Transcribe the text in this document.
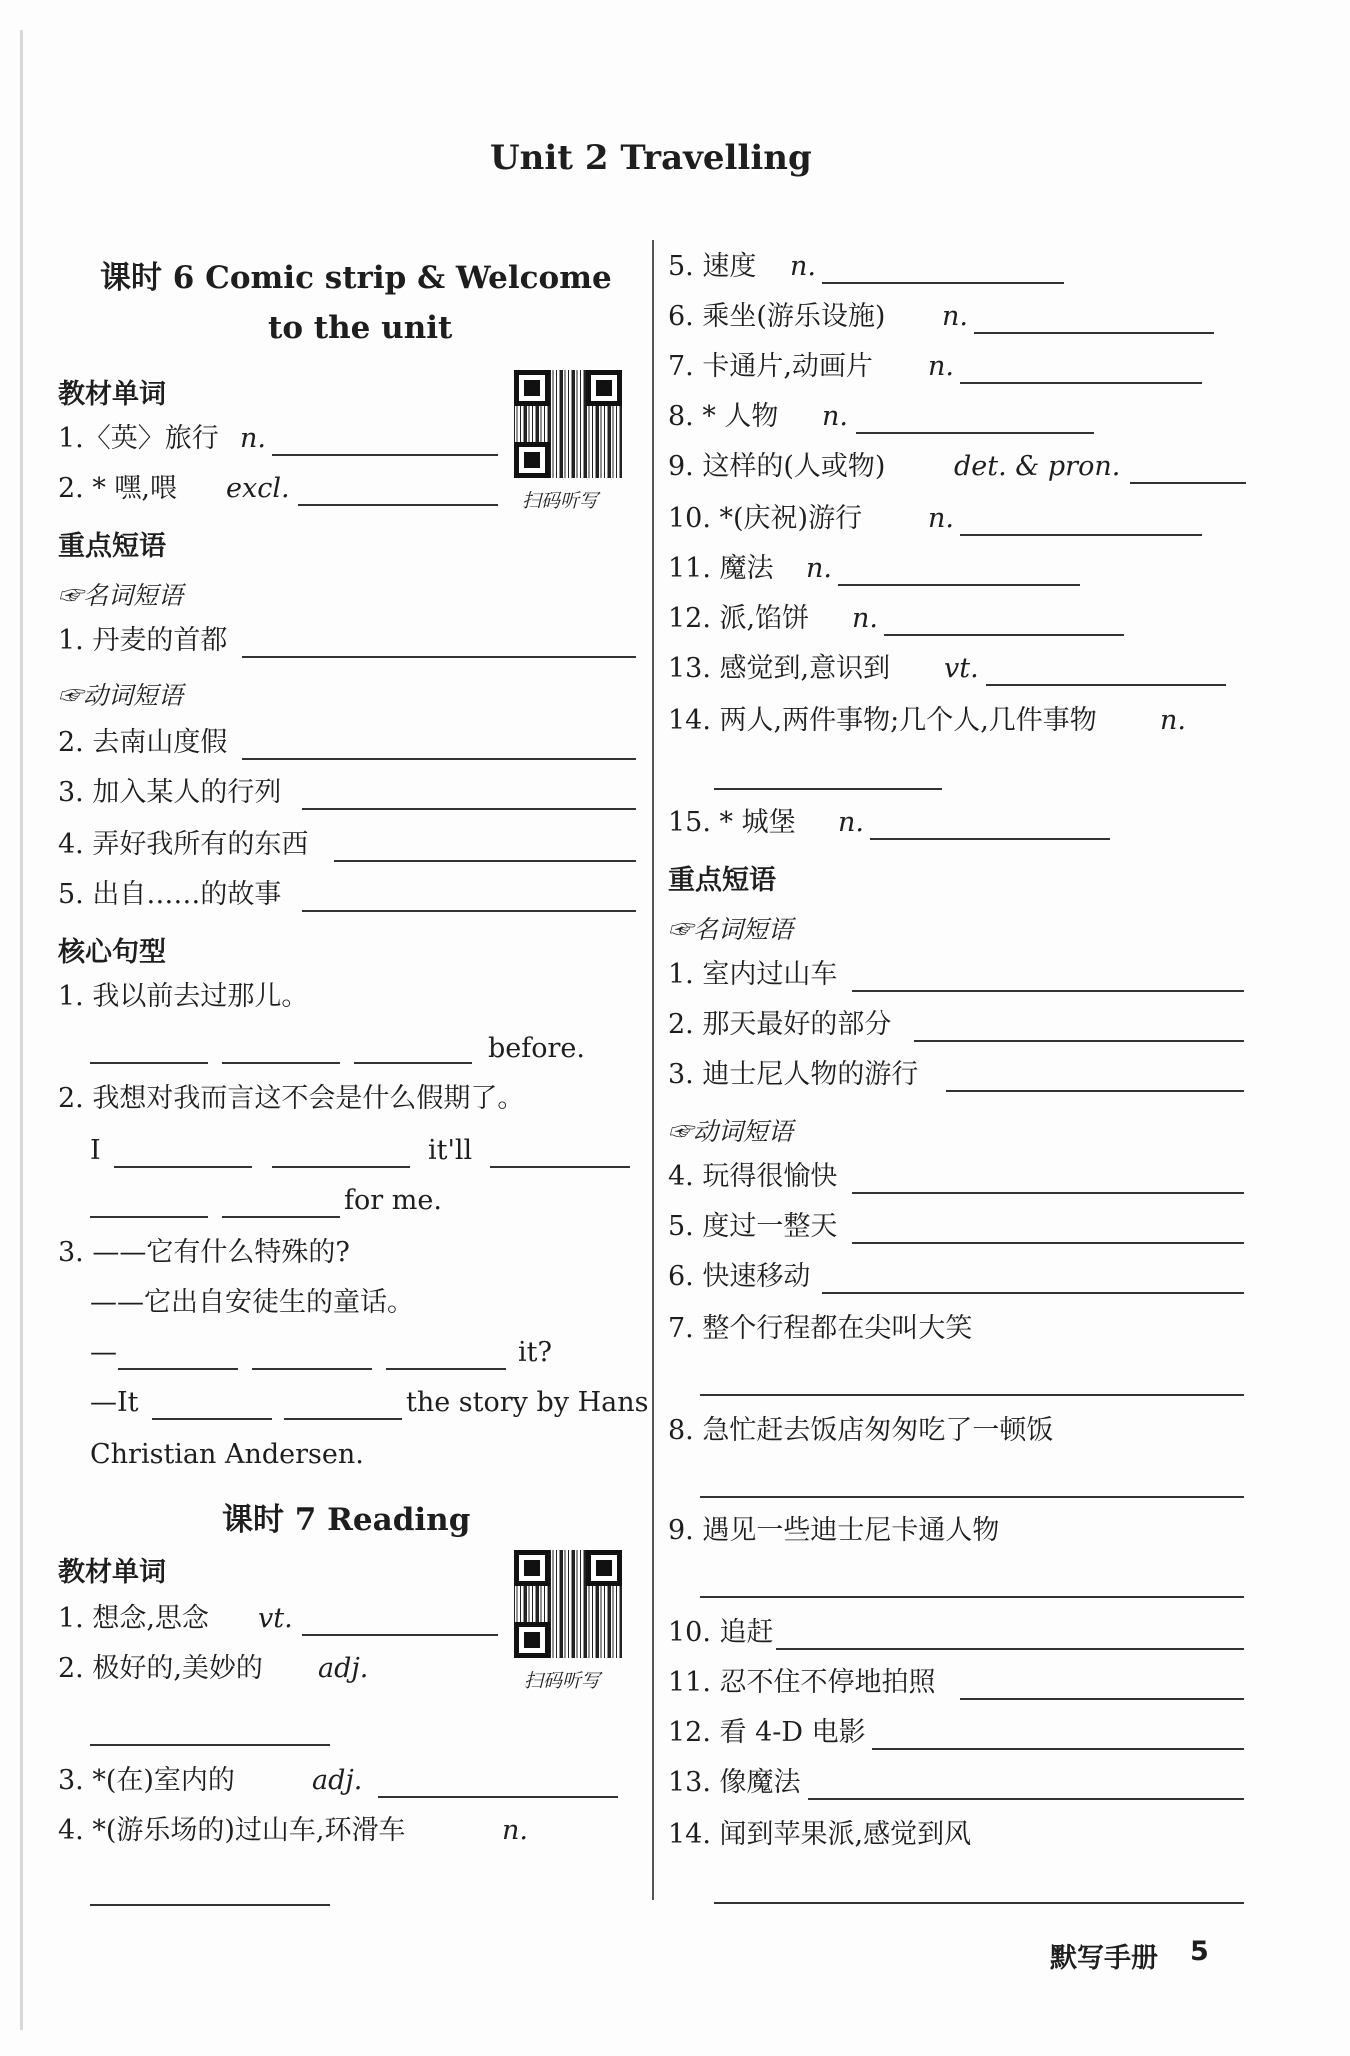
Unit 2 Travelling
课时 6 Comic strip & Welcome
to the unit
教材单词
扫码听写
1.〈英〉旅行 n.
2. * 嘿,喂 excl.
重点短语
☞名词短语
1. 丹麦的首都
☞动词短语
2. 去南山度假
3. 加入某人的行列
4. 弄好我所有的东西
5. 出自……的故事
核心句型
1. 我以前去过那儿。
before.
2. 我想对我而言这不会是什么假期了。
I	it'll
for me.
3. ——它有什么特殊的?
——它出自安徒生的童话。
—	it?
—It	the story by Hans
Christian Andersen.
课时 7 Reading
教材单词
扫码听写
1. 想念,思念 vt.
2. 极好的,美妙的 adj.
3. *(在)室内的	adj.
4. *(游乐场的)过山车,环滑车	n.
5. 速度 n.
6. 乘坐(游乐设施) n.
7. 卡通片,动画片 n.
8. * 人物 n.
9. 这样的(人或物)	det. & pron.
10. *(庆祝)游行 n.
11. 魔法 n.
12. 派,馅饼 n.
13. 感觉到,意识到 vt.
14. 两人,两件事物;几个人,几件事物 n.
15. * 城堡 n.
重点短语
☞名词短语
1. 室内过山车
2. 那天最好的部分
3. 迪士尼人物的游行
☞动词短语
4. 玩得很愉快
5. 度过一整天
6. 快速移动
7. 整个行程都在尖叫大笑
8. 急忙赶去饭店匆匆吃了一顿饭
9. 遇见一些迪士尼卡通人物
10. 追赶
11. 忍不住不停地拍照
12. 看 4-D 电影
13. 像魔法
14. 闻到苹果派,感觉到风
默写手册 5
